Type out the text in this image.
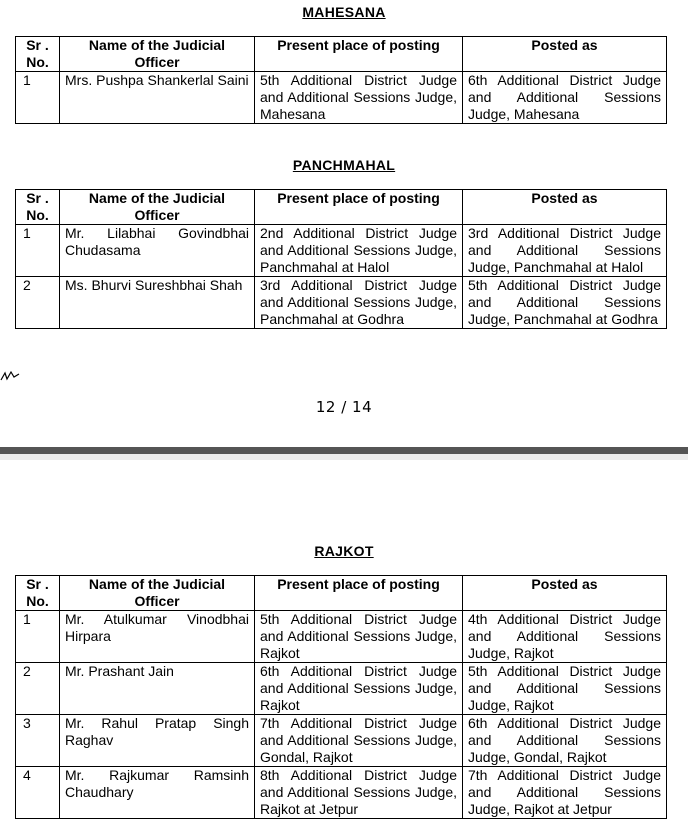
MAHESANA
Sr . No.	Name of the Judicial Officer	Present place of posting	Posted as
1	Mrs. Pushpa Shankerlal Saini	5th Additional District Judge and Additional Sessions Judge, Mahesana	6th Additional District Judge and Additional Sessions Judge, Mahesana
PANCHMAHAL
Sr . No.	Name of the Judicial Officer	Present place of posting	Posted as
1	Mr. Lilabhai Govindbhai Chudasama	2nd Additional District Judge and Additional Sessions Judge, Panchmahal at Halol	3rd Additional District Judge and Additional Sessions Judge, Panchmahal at Halol
2	Ms. Bhurvi Sureshbhai Shah	3rd Additional District Judge and Additional Sessions Judge, Panchmahal at Godhra	5th Additional District Judge and Additional Sessions Judge, Panchmahal at Godhra
12 / 14
RAJKOT
Sr . No.	Name of the Judicial Officer	Present place of posting	Posted as
1	Mr. Atulkumar Vinodbhai Hirpara	5th Additional District Judge and Additional Sessions Judge, Rajkot	4th Additional District Judge and Additional Sessions Judge, Rajkot
2	Mr. Prashant Jain	6th Additional District Judge and Additional Sessions Judge, Rajkot	5th Additional District Judge and Additional Sessions Judge, Rajkot
3	Mr. Rahul Pratap Singh Raghav	7th Additional District Judge and Additional Sessions Judge, Gondal, Rajkot	6th Additional District Judge and Additional Sessions Judge, Gondal, Rajkot
4	Mr. Rajkumar Ramsinh Chaudhary	8th Additional District Judge and Additional Sessions Judge, Rajkot at Jetpur	7th Additional District Judge and Additional Sessions Judge, Rajkot at Jetpur
